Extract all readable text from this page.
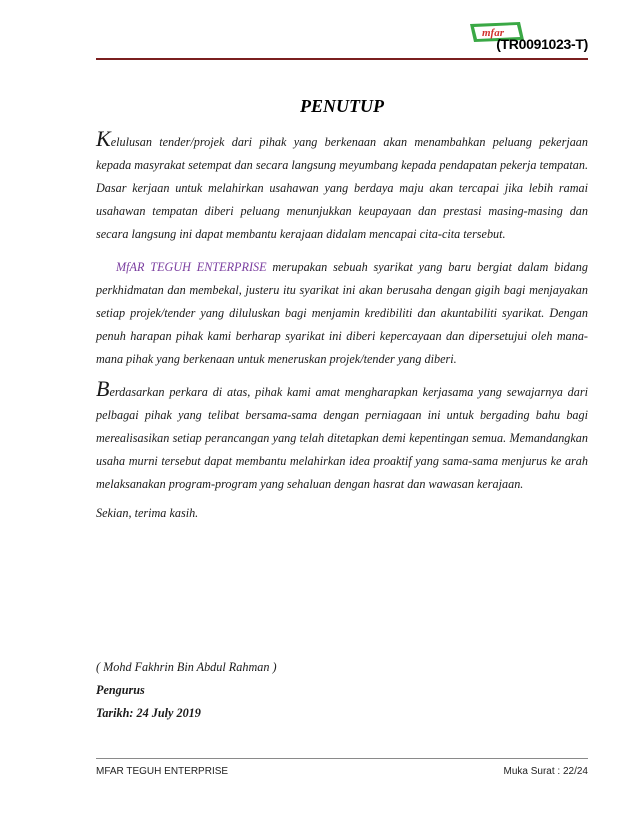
mfar
(TR0091023-T)
PENUTUP

Kelulusan tender/projek dari pihak yang berkenaan akan menambahkan peluang pekerjaan kepada masyrakat setempat dan secara langsung meyumbang kepada pendapatan pekerja tempatan. Dasar kerjaan untuk melahirkan usahawan yang berdaya maju akan tercapai jika lebih ramai usahawan tempatan diberi peluang menunjukkan keupayaan dan prestasi masing-masing dan secara langsung ini dapat membantu kerajaan didalam mencapai cita-cita tersebut.

MfAR TEGUH ENTERPRISE merupakan sebuah syarikat yang baru bergiat dalam bidang perkhidmatan dan membekal, justeru itu syarikat ini akan berusaha dengan gigih bagi menjayakan setiap projek/tender yang diluluskan bagi menjamin kredibiliti dan akuntabiliti syarikat. Dengan penuh harapan pihak kami berharap syarikat ini diberi kepercayaan dan dipersetujui oleh mana-mana pihak yang berkenaan untuk meneruskan projek/tender yang diberi.

Berdasarkan perkara di atas, pihak kami amat mengharapkan kerjasama yang sewajarnya dari pelbagai pihak yang telibat bersama-sama dengan perniagaan ini untuk bergading bahu bagi merealisasikan setiap perancangan yang telah ditetapkan demi kepentingan semua. Memandangkan usaha murni tersebut dapat membantu melahirkan idea proaktif yang sama-sama menjurus ke arah melaksanakan program-program yang sehaluan dengan hasrat dan wawasan kerajaan.

Sekian, terima kasih.

( Mohd Fakhrin Bin Abdul Rahman )
Pengurus
Tarikh: 24 July 2019
MFAR TEGUH ENTERPRISE	Muka Surat : 22/24
